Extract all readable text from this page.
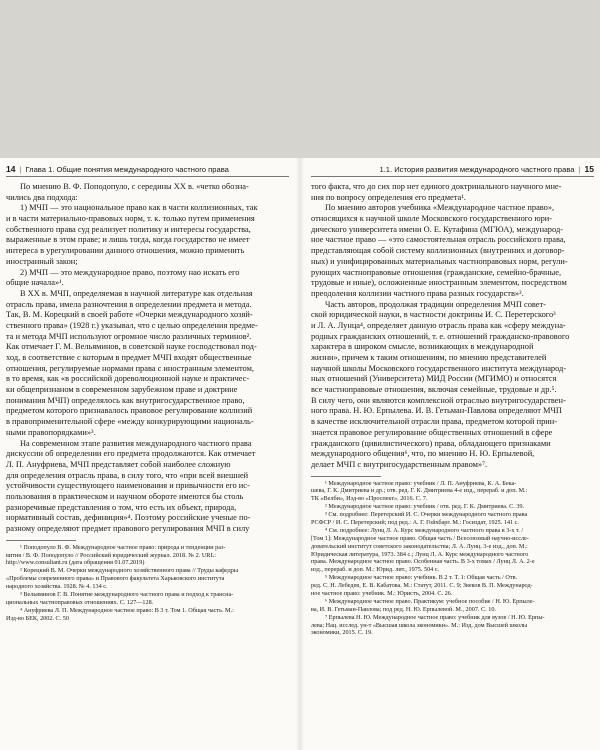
14 | Глава 1. Общие понятия международного частного права
По мнению В. Ф. Поподопуло, с середины XX в. «четко обозна-
чились два подхода:
1) МЧП — это национальное право как в части коллизионных, так
и в части материально-правовых норм, т. к. только путем применения
собственного права суд реализует политику и интересы государства,
выраженные в этом праве; и лишь тогда, когда государство не имеет
интереса в урегулировании данного отношения, можно применить
иностранный закон;
2) МЧП — это международное право, поэтому нао искать его
общие начала»¹.
В XX в. МЧП, определяемая в научной литературе как отдельная
отрасль права, имела разночтения в определении предмета и метода.
Так, В. М. Корецкий в своей работе «Очерки международного хозяй-
ственного права» (1928 г.) указывал, что с целью определения предме-
та и метода МЧП используют огромное число различных терминов².
Как отмечает Г. М. Вельяминов, в советской науке господствовал под-
ход, в соответствие с которым в предмет МЧП входят общественные
отношения, регулируемые нормами права с иностранным элементом,
в то время, как «в российской дореволюционной науке и практичес-
ки общепризнаном в современном зарубежном праве и доктрине
понимания МЧП) определялось как внутригосударственное право,
предметом которого признавалось правовое регулирование коллизий
в правоприменительной сфере «между конкурирующими националь-
ными правопорядками»³.
На современном этапе развития международного частного права
дискуссии об определении его предмета продолжаются. Как отмечает
Л. П. Ануфриева, МЧП представляет собой наиболее сложную
для определения отрасль права, в силу того, что «при всей внешней
устойчивости существующего наименования и привычности его ис-
пользования в практическом и научном обороте имеются бы столь
разноречивые представления о том, что есть их объект, природа,
нормативный состав, дефиниция»⁴. Поэтому российские ученые по-
разному определяют предмет правового регулирования МЧП в силу
¹ Поподопуло В. Ф. Международное частное право: природа и тенденции раз-
вития / В. Ф. Поподопуло // Российский юридический журнал. 2018. № 2. URL:
http://www.consultant.ru (дата обращения 01.07.2019)
² Корецкий В. М. Очерки международного хозяйственного права // Труды кафедры
«Проблемы современного права» и Правового факультета Харьковского института
народного хозяйства. 1928. № 4. 134 с.
³ Вельяминов Г. В. Понятие международного частного права и подход к трансна-
циональных частноправовых отношениях. С. 127—128.
⁴ Ануфриева Л. П. Международное частное право: В 3 т. Том 1. Общая часть. М.:
Изд-во БЕК, 2002. С. 50
1.1. История развития международного частного права | 15
того факта, что до сих пор нет единого доктринального научного мне-
ния по вопросу определения его предмета¹.
По мнению авторов учебника «Международное частное право»,
относящихся к научной школе Московского государственного юри-
дического университета имени О. Е. Кутафина (МГЮА), международ-
ное частное право — «это самостоятельная отрасль российского права,
представляющая собой систему коллизионных (внутренних и договор-
ных) и унифицированных материальных частноправовых норм, регули-
рующих частноправовые отношения (гражданские, семейно-брачные,
трудовые и иные), осложненные иностранным элементом, посредством
преодоления коллизии частного права разных государств»².
Часть авторов, продолжая традиции определения МЧП совет-
ской юридической науки, в частности доктрины И. С. Перетерского³
и Л. А. Лунца⁴, определяет данную отрасль права как «сферу междуна-
родных гражданских отношений, т. е. отношений гражданско-правового
характера в широком смысле, возникающих в международной
жизни», причем к таким отношениям, по мнению представителей
научной школы Московского государственного института международ-
ных отношений (Университета) МИД России (МГИМО) и относятся
все частноправовые отношения, включая семейные, трудовые и др.⁵.
В силу чего, они являются комплексной отраслью внутригосударствен-
ного права. Н. Ю. Ерпылева. И. В. Гетьман-Павлова определяют МЧП
в качестве исключительной отрасли права, предметом которой прин-
знается правовое регулирование общественных отношений в сфере
гражданского (цивилистического) права, обладающего признаками
международного общения⁶, что, по мнению Н. Ю. Ерпылевой,
делает МЧП с внутригосударственным правом»⁷.
¹ Международное частное право: учебник / Л. П. Ануфриева, К. А. Бека-
шева, Г. К. Дмитриева и др.; отв. ред. Г. К. Дмитриева 4-е изд., перераб. и доп. М.:
ТК «Велби», Изд-во «Проспект». 2016. С. 7.
² Международное частное право: учебник / отв. ред. Г. К. Дмитриева. С. 39.
³ См. подробнее: Перетерский И. С. Очерки международного частного права
РСФСР / И. С. Перетерский; под ред.: А. Г. Гойхбарг. М.: Госиздат, 1925. 141 с.
⁴ См. подробнее: Лунц Л. А. Курс международного частного права в 3-х т. /
[Том 1]: Международное частное право. Общая часть / Всесоюзный научно-иссле-
довательский институт советского законодательства; Л. А. Лунц. 3-е изд., доп. М.:
Юридическая литература, 1973. 384 с.; Лунц Л. А. Курс международного частного
права. Международное частное право. Особенная часть. В 3-х томах / Лунц Л. А. 2-е
изд., перераб. и доп. М.: Юрид. лит., 1975. 504 с.
⁵ Международное частное право: учебник. В 2 т. Т. 1: Общая часть / Отв.
ред. С. Н. Лебедев, Е. В. Кабатова. М.: Статут, 2011. С. 9; Звеков В. П. Международ-
ное частное право: учебник. М.: Юристъ, 2004. С. 26.
⁶ Международное частное право. Практикум: учебное пособие / Н. Ю. Ерпыле-
ва, И. В. Гетьман-Павлова; под ред. Н. Ю. Ерпылевой. М., 2007. С. 10.
⁷ Ерпылева Н. Ю. Международное частное право: учебник для вузов / Н. Ю. Ерпы-
лева; Нац. исслед. ун-т «Высшая школа экономики». М.: Изд. дом Высшей школы
экономики, 2015. С. 19.
